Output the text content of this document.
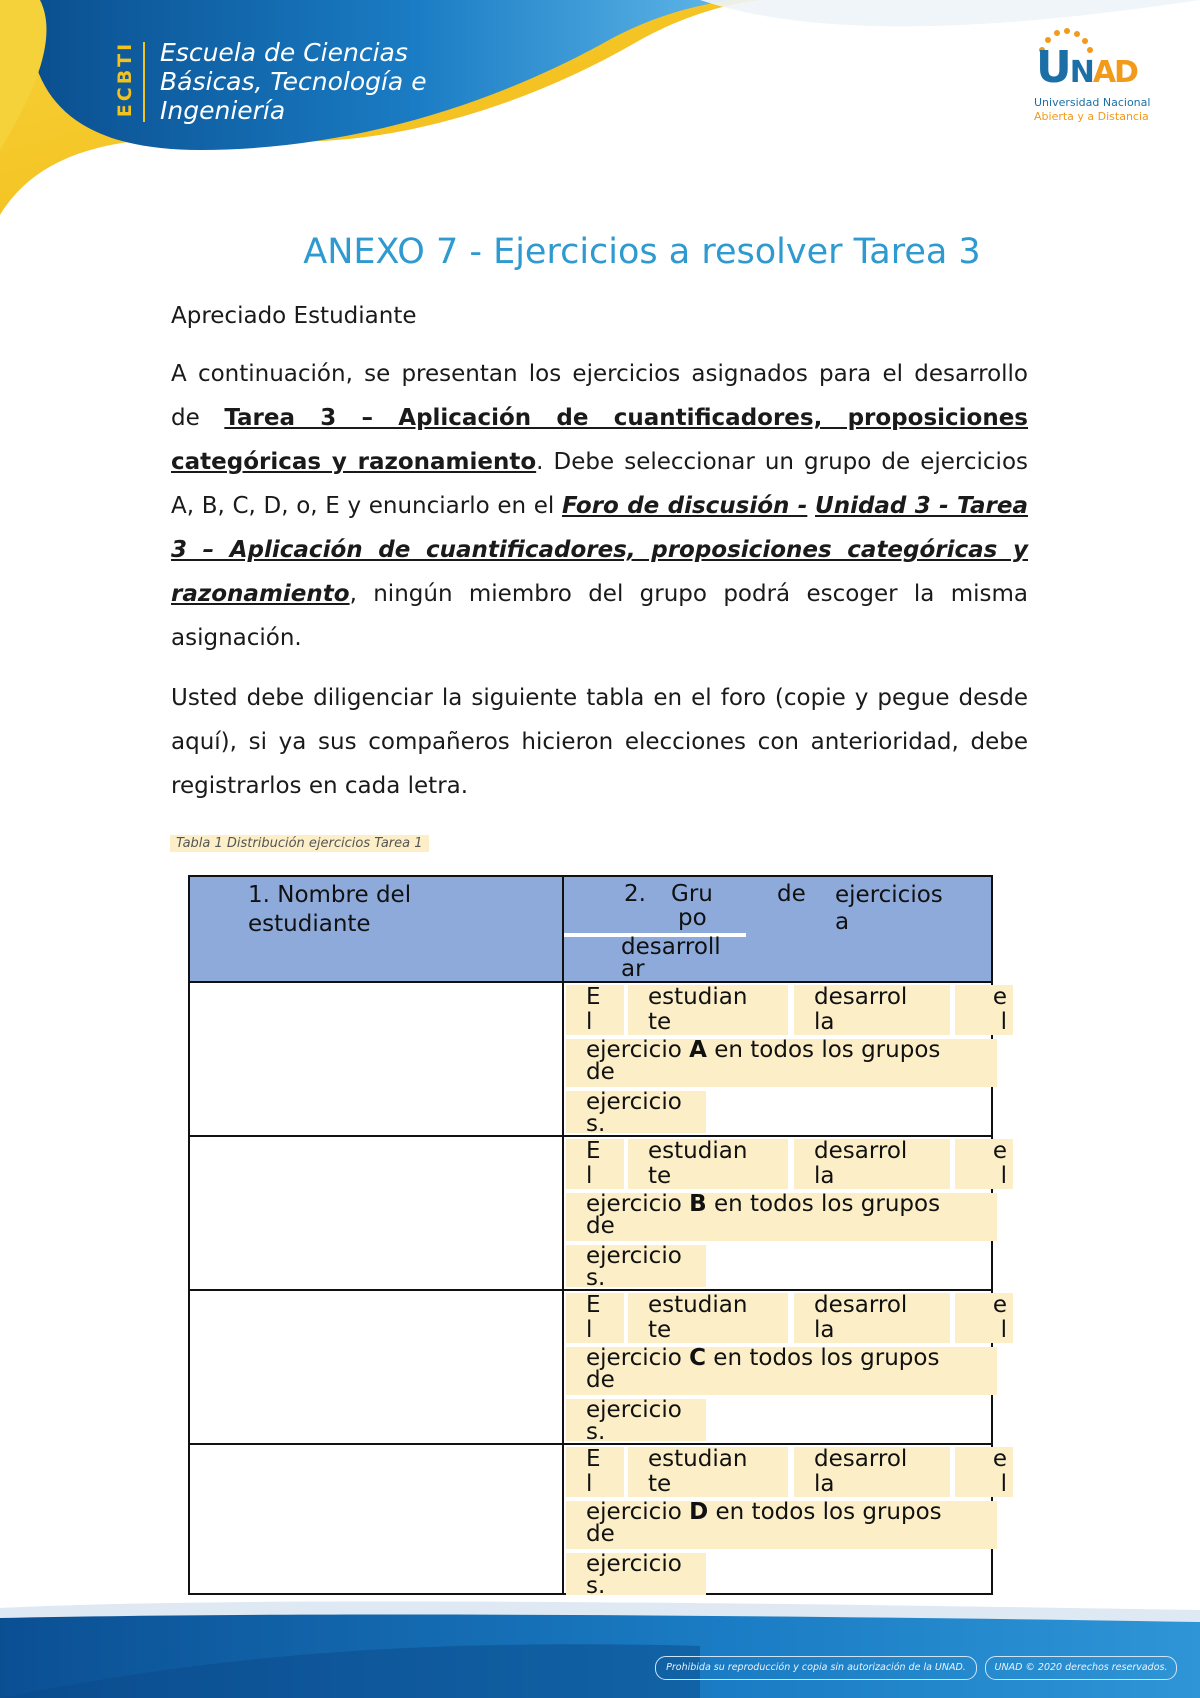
ECBTI Escuela de Ciencias
Básicas, Tecnología e
Ingeniería
UNAD
Universidad Nacional
Abierta y a Distancia
ANEXO 7 - Ejercicios a resolver Tarea 3

Apreciado Estudiante

A continuación, se presentan los ejercicios asignados para el desarrollo de Tarea 3 – Aplicación de cuantificadores, proposiciones categóricas y razonamiento. Debe seleccionar un grupo de ejercicios A, B, C, D, o, E y enunciarlo en el Foro de discusión - Unidad 3 - Tarea 3 – Aplicación de cuantificadores, proposiciones categóricas y razonamiento, ningún miembro del grupo podrá escoger la misma asignación.

Usted debe diligenciar la siguiente tabla en el foro (copie y pegue desde aquí), si ya sus compañeros hicieron elecciones con anterioridad, debe registrarlos en cada letra.

Tabla 1 Distribución ejercicios Tarea 1
1. Nombre del
estudiante
2. Gru
po
de ejercicios
a
desarroll
ar
E
l
estudian
te
desarrol
la
e
l
ejercicio A en todos los grupos
de
ejercicio
s.
E
l
estudian
te
desarrol
la
e
l
ejercicio B en todos los grupos
de
ejercicio
s.
E
l
estudian
te
desarrol
la
e
l
ejercicio C en todos los grupos
de
ejercicio
s.
E
l
estudian
te
desarrol
la
e
l
ejercicio D en todos los grupos
de
ejercicio
s.
Prohibida su reproducción y copia sin autorización de la UNAD.	UNAD © 2020 derechos reservados.
